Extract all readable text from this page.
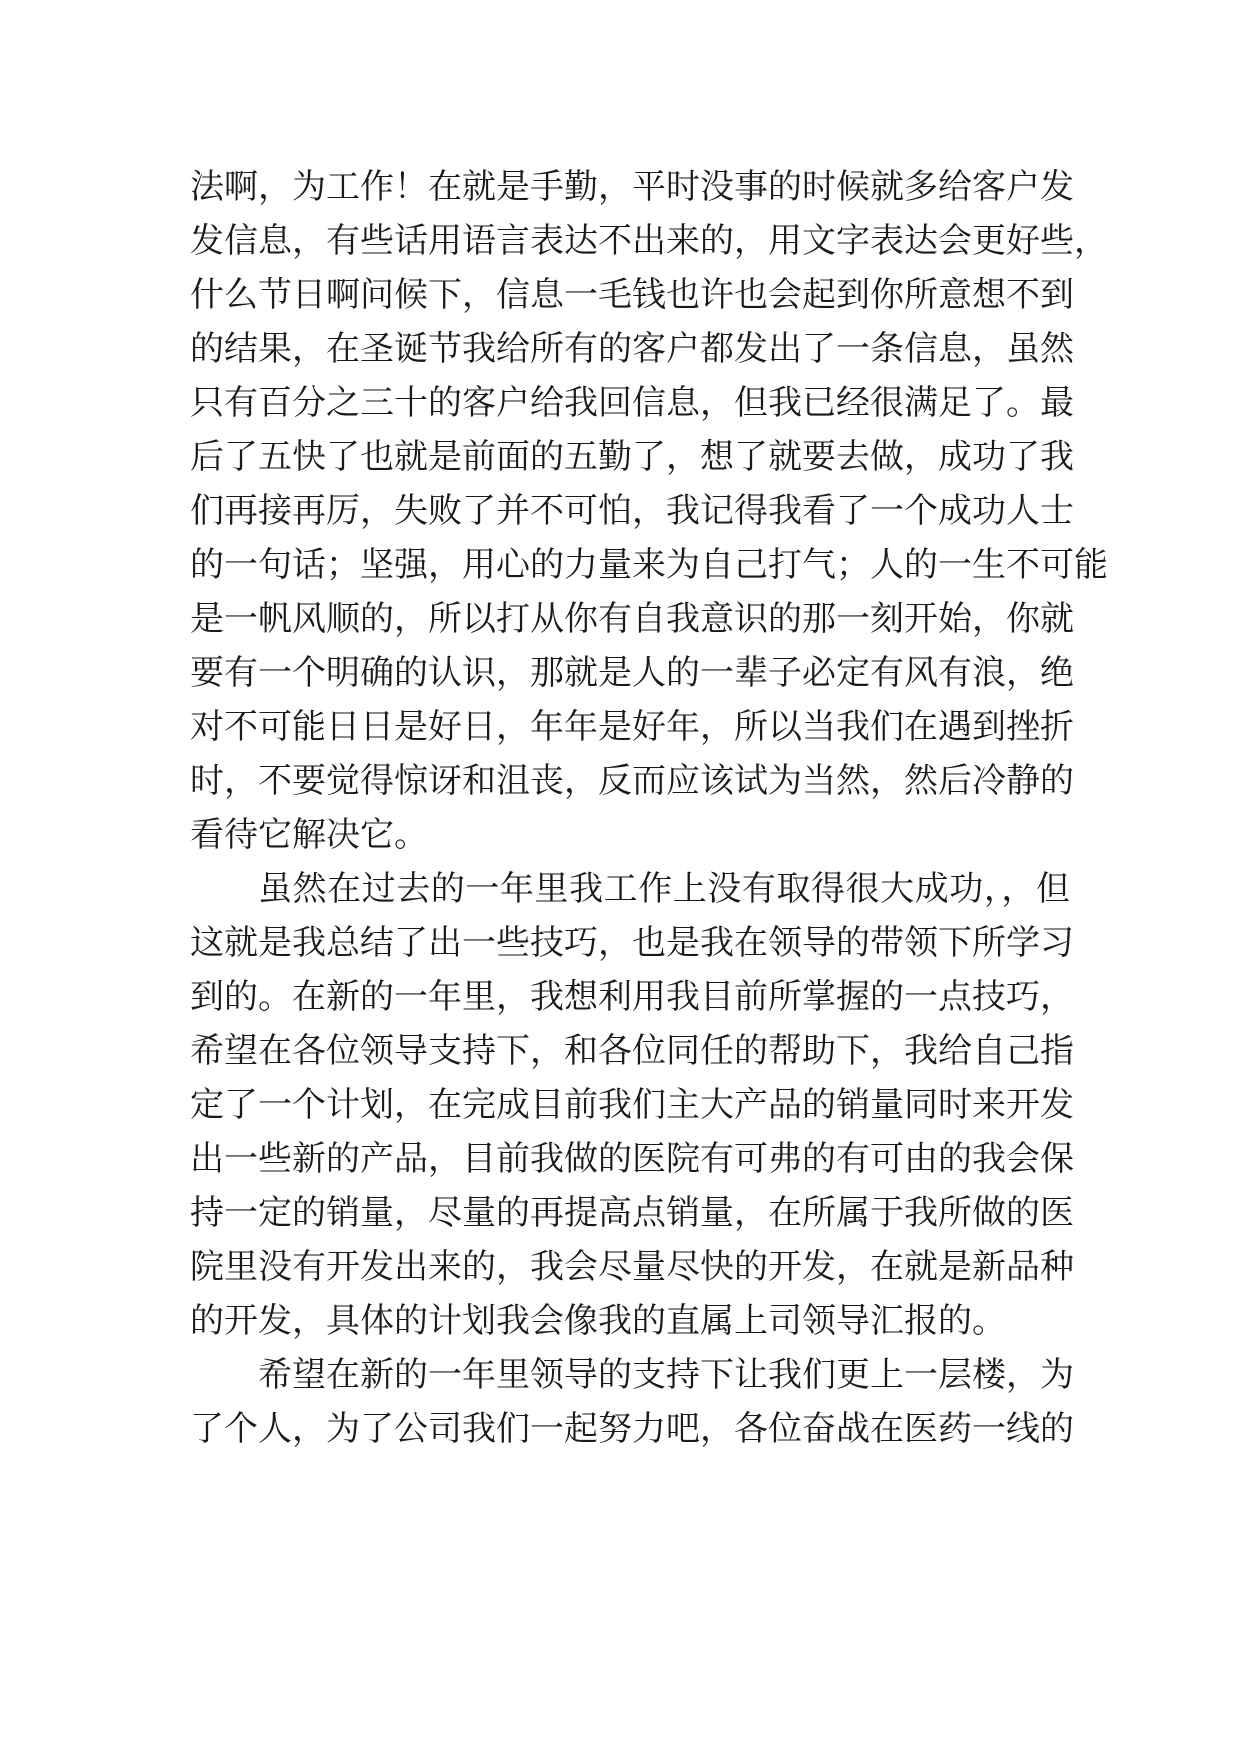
法啊，为工作！在就是手勤，平时没事的时候就多给客户发
发信息，有些话用语言表达不出来的，用文字表达会更好些，
什么节日啊问候下，信息一毛钱也许也会起到你所意想不到
的结果，在圣诞节我给所有的客户都发出了一条信息，虽然
只有百分之三十的客户给我回信息，但我已经很满足了。最
后了五快了也就是前面的五勤了，想了就要去做，成功了我
们再接再厉，失败了并不可怕，我记得我看了一个成功人士
的一句话；坚强，用心的力量来为自己打气；人的一生不可能
是一帆风顺的，所以打从你有自我意识的那一刻开始，你就
要有一个明确的认识，那就是人的一辈子必定有风有浪，绝
对不可能日日是好日，年年是好年，所以当我们在遇到挫折
时，不要觉得惊讶和沮丧，反而应该试为当然，然后冷静的
看待它解决它。
虽然在过去的一年里我工作上没有取得很大成功，，但
这就是我总结了出一些技巧，也是我在领导的带领下所学习
到的。在新的一年里，我想利用我目前所掌握的一点技巧，
希望在各位领导支持下，和各位同任的帮助下，我给自己指
定了一个计划，在完成目前我们主大产品的销量同时来开发
出一些新的产品，目前我做的医院有可弗的有可由的我会保
持一定的销量，尽量的再提高点销量，在所属于我所做的医
院里没有开发出来的，我会尽量尽快的开发，在就是新品种
的开发，具体的计划我会像我的直属上司领导汇报的。
希望在新的一年里领导的支持下让我们更上一层楼，为
了个人，为了公司我们一起努力吧，各位奋战在医药一线的
